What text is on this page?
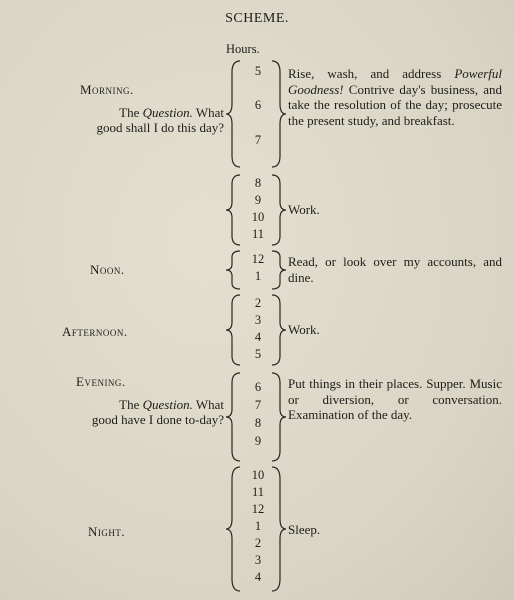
SCHEME.
Hours.
Morning.
The Question. What
good shall I do this day?
5
6
7
Rise, wash, and address Powerful Goodness! Contrive day's business, and take the resolution of the day; prosecute the present study, and breakfast.
8
9
10
11
Work.
Noon.
12
1
Read, or look over my accounts, and dine.
Afternoon.
2
3
4
5
Work.
Evening.
The Question. What
good have I done to-day?
6
7
8
9
Put things in their places. Supper. Music or diversion, or conversation. Examination of the day.
Night.
10
11
12
1
2
3
4
Sleep.
